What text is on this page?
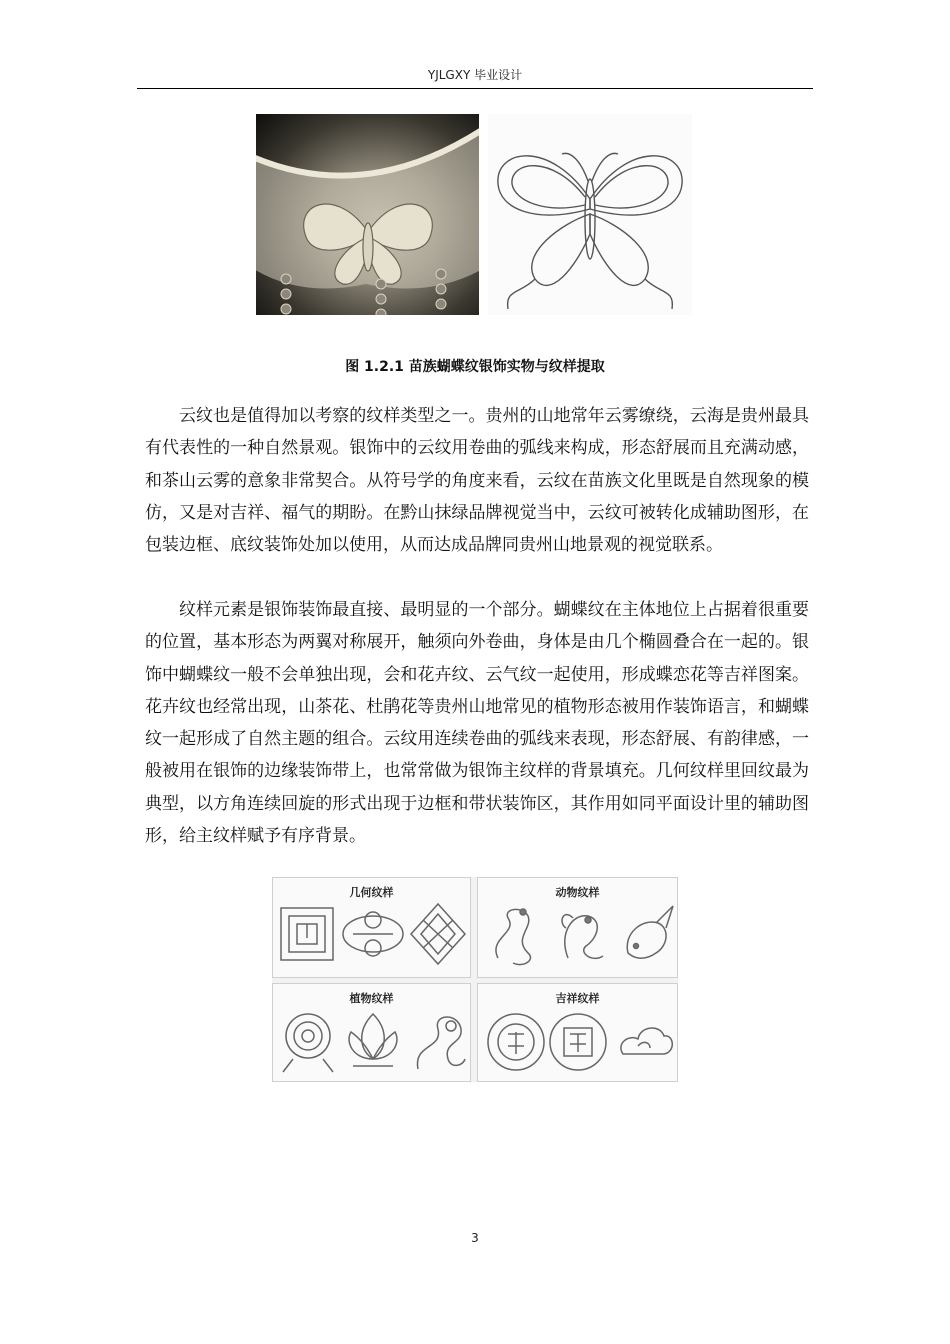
YJLGXY 毕业设计
图 1.2.1 苗族蝴蝶纹银饰实物与纹样提取
云纹也是值得加以考察的纹样类型之一。贵州的山地常年云雾缭绕，云海是贵州最具有代表性的一种自然景观。银饰中的云纹用卷曲的弧线来构成，形态舒展而且充满动感，和茶山云雾的意象非常契合。从符号学的角度来看，云纹在苗族文化里既是自然现象的模仿，又是对吉祥、福气的期盼。在黔山抹绿品牌视觉当中，云纹可被转化成辅助图形，在包装边框、底纹装饰处加以使用，从而达成品牌同贵州山地景观的视觉联系。
纹样元素是银饰装饰最直接、最明显的一个部分。蝴蝶纹在主体地位上占据着很重要的位置，基本形态为两翼对称展开，触须向外卷曲，身体是由几个椭圆叠合在一起的。银饰中蝴蝶纹一般不会单独出现，会和花卉纹、云气纹一起使用，形成蝶恋花等吉祥图案。花卉纹也经常出现，山茶花、杜鹃花等贵州山地常见的植物形态被用作装饰语言，和蝴蝶纹一起形成了自然主题的组合。云纹用连续卷曲的弧线来表现，形态舒展、有韵律感，一般被用在银饰的边缘装饰带上，也常常做为银饰主纹样的背景填充。几何纹样里回纹最为典型，以方角连续回旋的形式出现于边框和带状装饰区，其作用如同平面设计里的辅助图形，给主纹样赋予有序背景。
几何纹样	动物纹样
植物纹样	吉祥纹样
3
